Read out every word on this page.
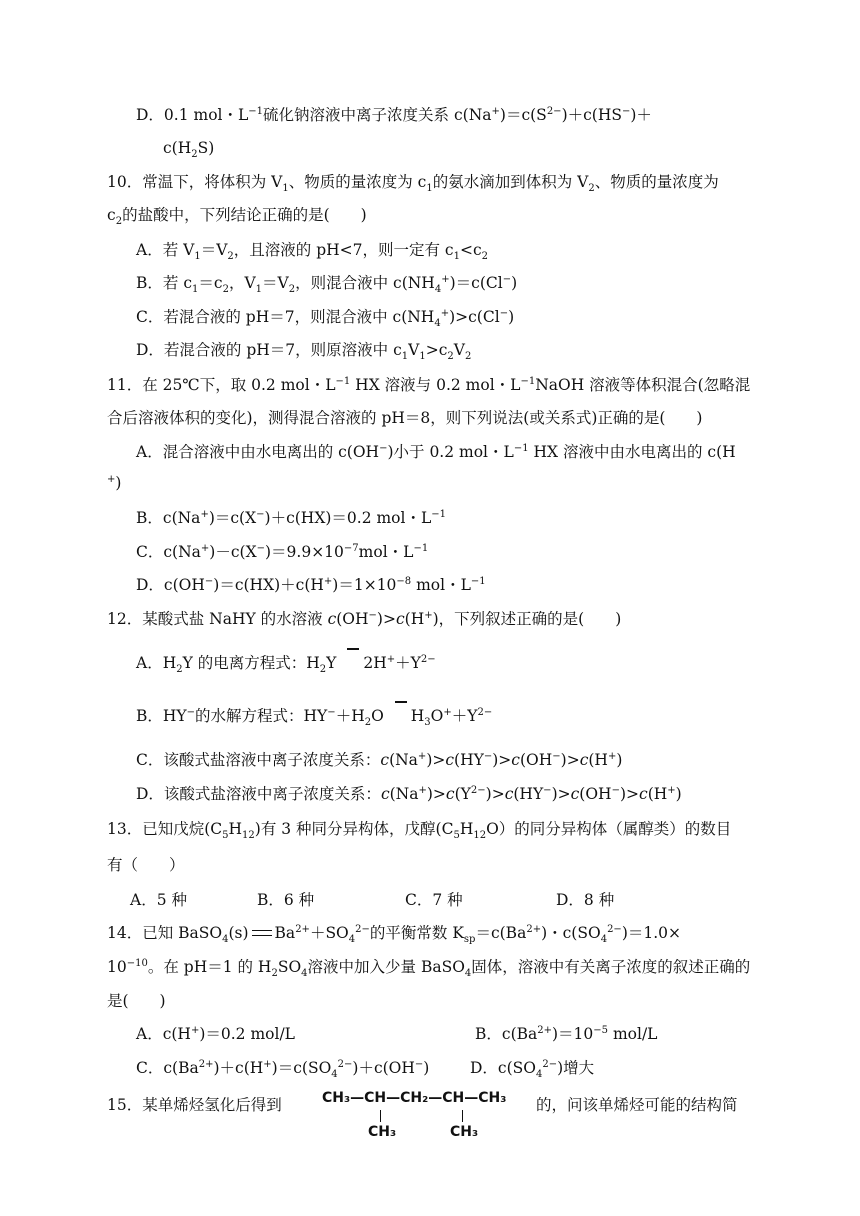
D．0.1 mol・$L^{-1}$硫化钠溶液中离子浓度关系 $c(Na^+)=c(S^{2-})+c(HS^-)+$
$c(H_2S)$
10．常温下，将体积为 $V_1$、物质的量浓度为 $c_1$的氨水滴加到体积为 $V_2$、物质的量浓度为
$c_2$的盐酸中，下列结论正确的是(　　)
A．若 $V_1=V_2$，且溶液的 pH<7，则一定有 $c_1<c_2$
B．若 $c_1=c_2$，$V_1=V_2$，则混合液中 $c(NH_4^+)=c(Cl^-)$
C．若混合液的 pH＝7，则混合液中 $c(NH_4^+)>c(Cl^-)$
D．若混合液的 pH＝7，则原溶液中 $c_1V_1>c_2V_2$
11．在 25℃下，取 0.2 mol・$L^{-1}$ HX 溶液与 0.2 mol・$L^{-1}NaOH$ 溶液等体积混合(忽略混
合后溶液体积的变化)，测得混合溶液的 pH＝8，则下列说法(或关系式)正确的是(　　)
A．混合溶液中由水电离出的 c(OH−)小于 0.2 mol・$L^{-1}$ HX 溶液中由水电离出的 c(H
+)
B．c(Na+)＝c(X−)＋c(HX)＝0.2 mol・$L^{-1}$
C．$c(Na^+)-c(X^-)=9.9\times 10^{-7}mol$・$L^{-1}$
D．$c(OH^-)=c(HX)+c(H^+)=1\times 10^{-8}$ mol・$L^{-1}$
12．某酸式盐 NaHY 的水溶液 c(OH−)>c(H+)，下列叙述正确的是(　　)
A．$H_2Y$ 的电离方程式：$H_2Y$ $2H^++Y^{2-}$
B．HY−的水解方程式：$HY^-+H_2O$ $H_3O^++Y^{2-}$
C．该酸式盐溶液中离子浓度关系：c(Na+)>c(HY−)>c(OH−)>c(H+)
D．该酸式盐溶液中离子浓度关系：$c(Na^+)>c(Y^{2-})>c(HY^-)>c(OH^-)>c(H^+)$
13．已知戊烷$(C_5H_{12})$有 3 种同分异构体，戊醇$(C_5H_{12}O)$的同分异构体（属醇类）的数目
有（　　）
A．5 种	B．6 种	C．7 种	D．8 种
14．已知 BaSO$_4$(s) $Ba^{2+}+SO_4^{2-}$的平衡常数 $K_{sp}=c(Ba^{2+})$・$c(SO_4^{2-})=1.0\times$
$10^{-10}$。在 pH＝1 的 $H_2SO_4$溶液中加入少量 BaSO$_4$固体，溶液中有关离子浓度的叙述正确的
是(　　)
A．c(H+)＝0.2 mol/L	B．$c(Ba^{2+})=10^{-5}$ mol/L
C．$c(Ba^{2+})+c(H^+)=c(SO_4^{2-})+c(OH^-)$	D．$c(SO_4^{2-})$增大
15．某单烯烃氢化后得到	CH₃—CH—CH₂—CH—CH₃
CH₃	CH₃
的，问该单烯烃可能的结构简
